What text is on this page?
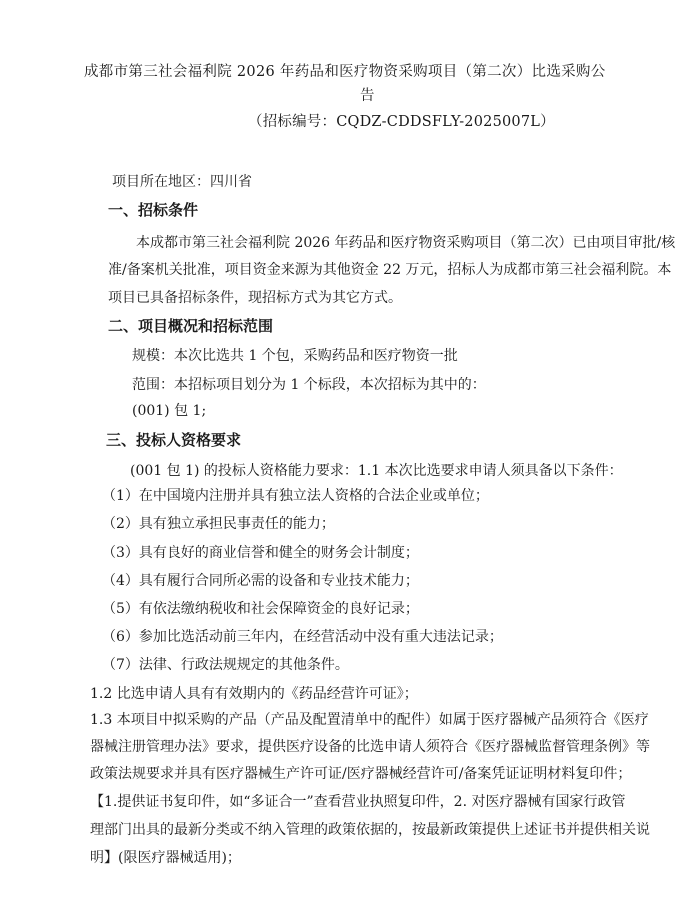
成都市第三社会福利院 2026 年药品和医疗物资采购项目（第二次）比选采购公
告
（招标编号：CQDZ-CDDSFLY-2025007L）
项目所在地区：四川省
一、招标条件
本成都市第三社会福利院 2026 年药品和医疗物资采购项目（第二次）已由项目审批/核
准/备案机关批准，项目资金来源为其他资金 22 万元，招标人为成都市第三社会福利院。本
项目已具备招标条件，现招标方式为其它方式。
二、项目概况和招标范围
规模：本次比选共 1 个包，采购药品和医疗物资一批
范围：本招标项目划分为 1 个标段，本次招标为其中的：
(001) 包 1;
三、投标人资格要求
(001 包 1) 的投标人资格能力要求：1.1 本次比选要求申请人须具备以下条件：
（1）在中国境内注册并具有独立法人资格的合法企业或单位；
（2）具有独立承担民事责任的能力；
（3）具有良好的商业信誉和健全的财务会计制度；
（4）具有履行合同所必需的设备和专业技术能力；
（5）有依法缴纳税收和社会保障资金的良好记录；
（6）参加比选活动前三年内，在经营活动中没有重大违法记录；
（7）法律、行政法规规定的其他条件。
1.2 比选申请人具有有效期内的《药品经营许可证》；
1.3 本项目中拟采购的产品（产品及配置清单中的配件）如属于医疗器械产品须符合《医疗
器械注册管理办法》要求，提供医疗设备的比选申请人须符合《医疗器械监督管理条例》等
政策法规要求并具有医疗器械生产许可证/医疗器械经营许可/备案凭证证明材料复印件；
【1.提供证书复印件，如“多证合一”查看营业执照复印件，2. 对医疗器械有国家行政管
理部门出具的最新分类或不纳入管理的政策依据的，按最新政策提供上述证书并提供相关说
明】(限医疗器械适用)；
